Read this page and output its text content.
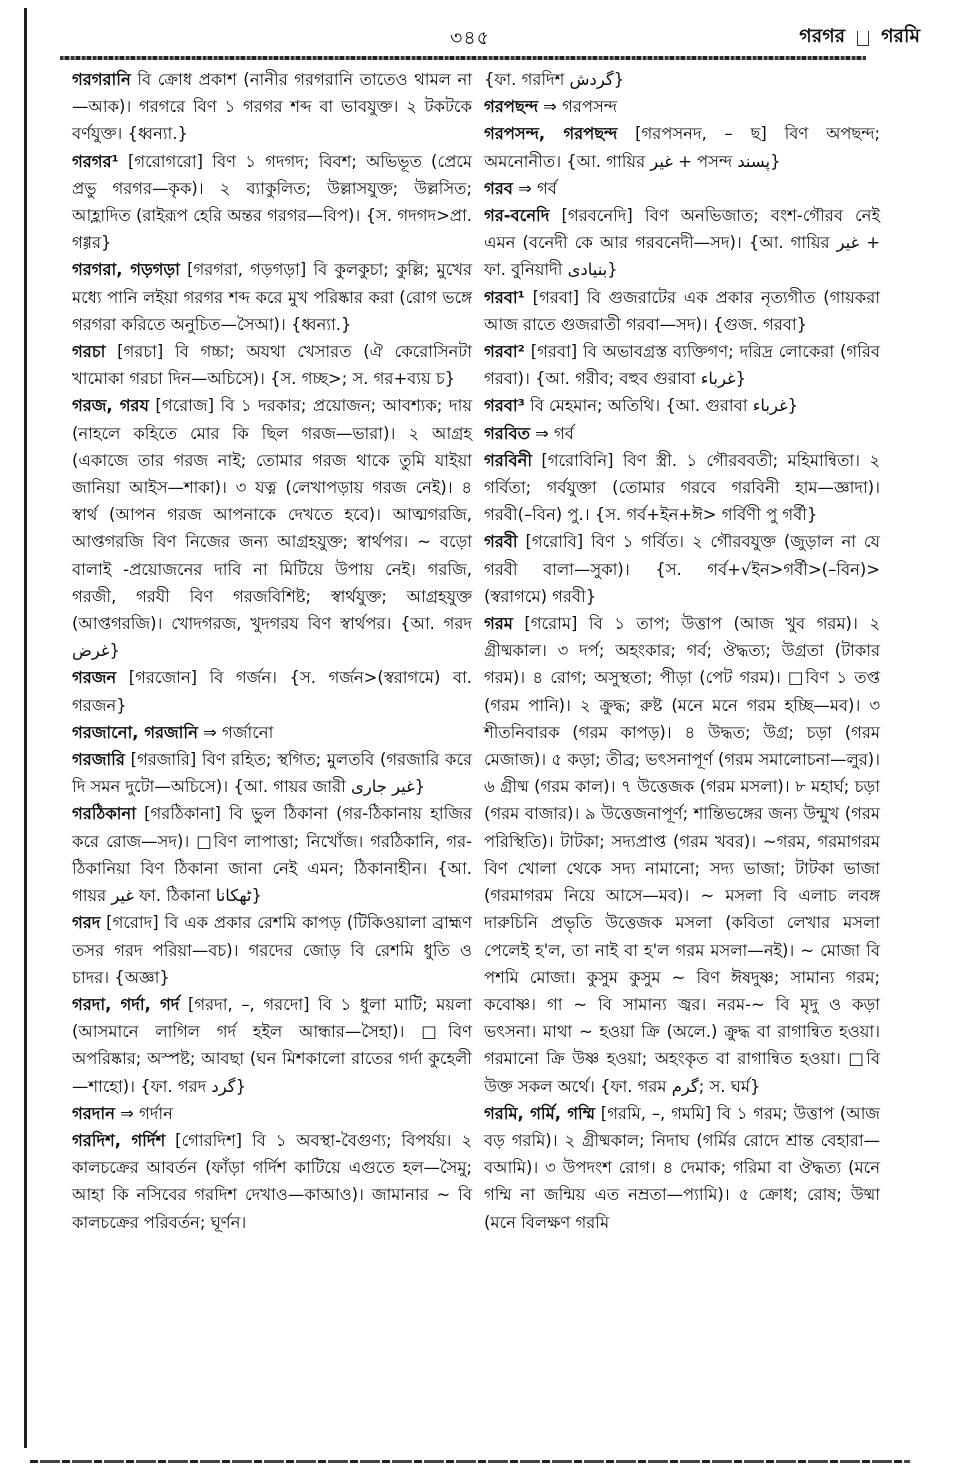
৩৪৫	গরগর গরমি

গরগরানি বি ক্রোধ প্রকাশ (নানীর গরগরানি তাতেও থামল না—আক)। গরগরে বিণ ১ গরগর শব্দ বা ভাবযুক্ত। ২ টকটকে বর্ণযুক্ত। {ধ্বন্যা.}

গরগর¹ [গরোগরো] বিণ ১ গদগদ; বিবশ; অভিভূত (প্রেমে প্রভু গরগর—কৃক)। ২ ব্যাকুলিত; উল্লাসযুক্ত; উল্লসিত; আহ্লাদিত (রাইরূপ হেরি অন্তর গরগর—বিপ)। {স. গদগদ>প্রা. গগ্গর}

গরগরা, গড়গড়া [গরগরা, গড়গড়া] বি কুলকুচা; কুল্লি; মুখের মধ্যে পানি লইয়া গরগর শব্দ করে মুখ পরিষ্কার করা (রোগ ভঙ্গে গরগরা করিতে অনুচিত—সৈআ)। {ধ্বন্যা.}

গরচা [গরচা] বি গচ্চা; অযথা খেসারত (ঐ কেরোসিনটা খামোকা গরচা দিন—অচিসে)। {স. গচ্ছ>; স. গর+ব্যয় চ}

গরজ, গরয [গরোজ] বি ১ দরকার; প্রয়োজন; আবশ্যক; দায় (নাহলে কহিতে মোর কি ছিল গরজ—ভারা)। ২ আগ্রহ (একাজে তার গরজ নাই; তোমার গরজ থাকে তুমি যাইয়া জানিয়া আইস—শাকা)। ৩ যত্ন (লেখাপড়ায় গরজ নেই)। ৪ স্বার্থ (আপন গরজ আপনাকে দেখতে হবে)। আত্মগরজি, আপ্তগরজি বিণ নিজের জন্য আগ্রহযুক্ত; স্বার্থপর। ~ বড়ো বালাই -প্রয়োজনের দাবি না মিটিয়ে উপায় নেই। গরজি, গরজী, গরযী বিণ গরজবিশিষ্ট; স্বার্থযুক্ত; আগ্রহযুক্ত (আপ্তগরজি)। খোদগরজ, খুদগরয বিণ স্বার্থপর। {আ. গরদ غرض}

গরজন [গরজোন] বি গর্জন। {স. গর্জন>(স্বরাগমে) বা. গরজন}

গরজানো, গরজানি ⇒ গর্জানো

গরজারি [গরজারি] বিণ রহিত; স্থগিত; মুলতবি (গরজারি করে দি সমন দুটো—অচিসে)। {আ. গায়র জারী غير جارى}

গরঠিকানা [গরঠিকানা] বি ভুল ঠিকানা (গর-ঠিকানায় হাজির করে রোজ—সদ)। □বিণ লাপাত্তা; নিখোঁজ। গরঠিকানি, গর-ঠিকানিয়া বিণ ঠিকানা জানা নেই এমন; ঠিকানাহীন। {আ. গায়র غير ফা. ঠিকানা ٹھکانا}

গরদ [গরোদ] বি এক প্রকার রেশমি কাপড় (টিকিওয়ালা ব্রাহ্মণ তসর গরদ পরিয়া—বচ)। গরদের জোড় বি রেশমি ধুতি ও চাদর। {অজ্ঞা}

গরদা, গর্দা, গর্দ [গরদা, –, গরদো] বি ১ ধুলা মাটি; ময়লা (আসমানে লাগিল গর্দ হইল আন্ধার—সৈহা)। □বিণ অপরিষ্কার; অস্পষ্ট; আবছা (ঘন মিশকালো রাতের গর্দা কুহেলী—শাহো)। {ফা. গরদ گرد}

গরদান ⇒ গর্দান

গরদিশ, গর্দিশ [গোরদিশ] বি ১ অবস্থা-বৈগুণ্য; বিপর্যয়। ২ কালচক্রের আবর্তন (ফাঁড়া গর্দিশ কাটিয়ে এগুতে হল—সৈমু; আহা কি নসিবের গরদিশ দেখাও—কাআও)। জামানার ~ বি কালচক্রের পরিবর্তন; ঘূর্ণন।

{ফা. গরদিশ گردش}

গরপছন্দ ⇒ গরপসন্দ

গরপসন্দ, গরপছন্দ [গরপসনদ, – ছ] বিণ অপছন্দ; অমনোনীত। {আ. গায়ির غير + পসন্দ پسند}

গরব ⇒ গর্ব

গর-বনেদি [গরবনেদি] বিণ অনভিজাত; বংশ-গৌরব নেই এমন (বনেদী কে আর গরবনেদী—সদ)। {আ. গায়ির غير + ফা. বুনিয়াদী بنيادى}

গরবা¹ [গরবা] বি গুজরাটের এক প্রকার নৃত্যগীত (গায়করা আজ রাতে গুজরাতী গরবা—সদ)। {গুজ. গরবা}

গরবা² [গরবা] বি অভাবগ্রস্ত ব্যক্তিগণ; দরিদ্র লোকেরা (গরিব গরবা)। {আ. গরীব; বহুব গুরাবা غرباء}

গরবা³ বি মেহমান; অতিথি। {আ. গুরাবা غرباء}

গরবিত ⇒ গর্ব

গরবিনী [গরোবিনি] বিণ স্ত্রী. ১ গৌরববতী; মহিমান্বিতা। ২ গর্বিতা; গর্বযুক্তা (তোমার গরবে গরবিনী হাম—জ্ঞাদা)। গরবী(–বিন) পু.। {স. গর্ব+ইন+ঈ> গর্বিণী পু গর্বী}

গরবী [গরোবি] বিণ ১ গর্বিত। ২ গৌরবযুক্ত (জুড়াল না যে গরবী বালা—সুকা)। {স. গর্ব+√ইন>গর্বী>(–বিন)> (স্বরাগমে) গরবী}

গরম [গরোম] বি ১ তাপ; উত্তাপ (আজ খুব গরম)। ২ গ্রীষ্মকাল। ৩ দর্প; অহংকার; গর্ব; ঔদ্ধত্য; উগ্রতা (টাকার গরম)। ৪ রোগ; অসুস্থতা; পীড়া (পেট গরম)। □বিণ ১ তপ্ত (গরম পানি)। ২ ক্রুদ্ধ; রুষ্ট (মনে মনে গরম হচ্ছি—মব)। ৩ শীতনিবারক (গরম কাপড়)। ৪ উদ্ধত; উগ্র; চড়া (গরম মেজাজ)। ৫ কড়া; তীব্র; ভৎসনাপূর্ণ (গরম সমালোচনা—লুর)। ৬ গ্রীষ্ম (গরম কাল)। ৭ উত্তেজক (গরম মসলা)। ৮ মহার্ঘ; চড়া (গরম বাজার)। ৯ উত্তেজনাপূর্ণ; শান্তিভঙ্গের জন্য উন্মুখ (গরম পরিস্থিতি)। টাটকা; সদ্যপ্রাপ্ত (গরম খবর)। ~গরম, গরমাগরম বিণ খোলা থেকে সদ্য নামানো; সদ্য ভাজা; টাটকা ভাজা (গরমাগরম নিয়ে আসে—মব)। ~ মসলা বি এলাচ লবঙ্গ দারুচিনি প্রভৃতি উত্তেজক মসলা (কবিতা লেখার মসলা পেলেই হ'ল, তা নাই বা হ'ল গরম মসলা—নই)। ~ মোজা বি পশমি মোজা। কুসুম কুসুম ~ বিণ ঈষদুষ্ণ; সামান্য গরম; কবোষ্ণ। গা ~ বি সামান্য জ্বর। নরম-~ বি মৃদু ও কড়া ভৎসনা। মাথা ~ হওয়া ক্রি (অলে.) ক্রুদ্ধ বা রাগান্বিত হওয়া। গরমানো ক্রি উষ্ণ হওয়া; অহংকৃত বা রাগান্বিত হওয়া। □বি উক্ত সকল অর্থে। {ফা. গরম گرم; স. ঘর্ম}

গরমি, গর্মি, গম্মি [গরমি, –, গমমি] বি ১ গরম; উত্তাপ (আজ বড় গরমি)। ২ গ্রীষ্মকাল; নিদাঘ (গর্মির রোদে শ্রান্ত বেহারা—বআমি)। ৩ উপদংশ রোগ। ৪ দেমাক; গরিমা বা ঔদ্ধত্য (মনে গম্মি না জন্মিয় এত নম্রতা—প্যামি)। ৫ ক্রোধ; রোষ; উষ্মা (মনে বিলক্ষণ গরমি
